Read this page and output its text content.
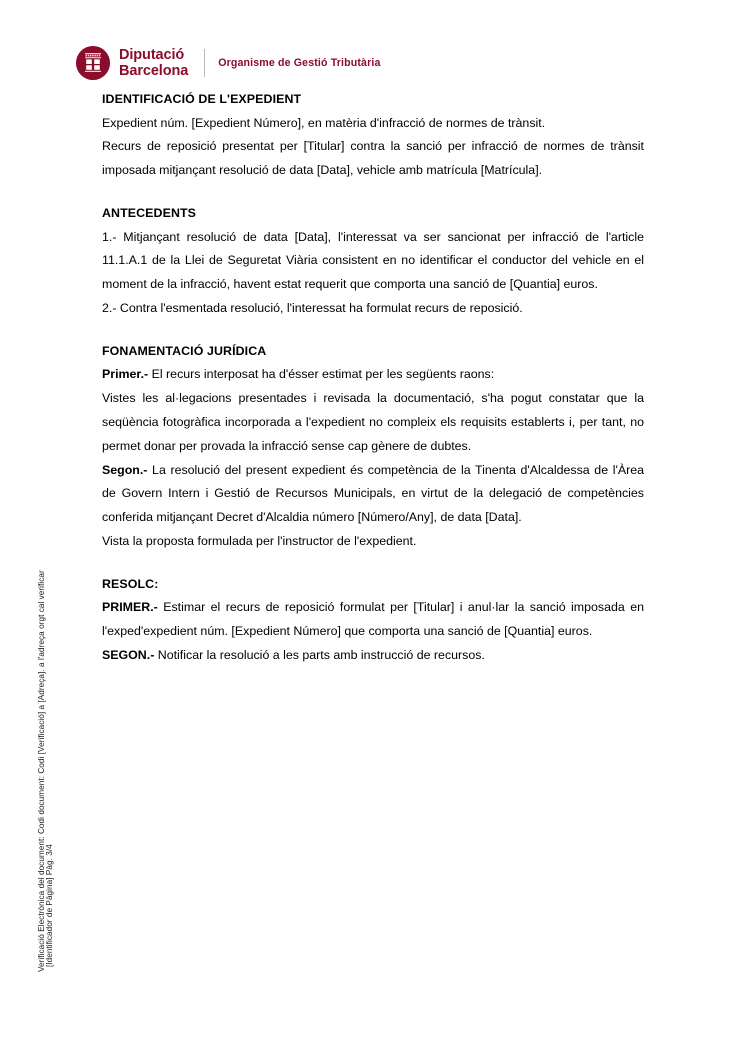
Verificació Electrònica del document: Codi document: Codi [Verificació] a [Adreça]. a l'adreça orgt cal verificar [Identificador de Pàgina] Pàg. 3/4
Diputació
Barcelona	Organisme de Gestió Tributària
IDENTIFICACIÓ DE L'EXPEDIENT

Expedient núm. [Expedient Número], en matèria d'infracció de normes de trànsit.

Recurs de reposició presentat per [Titular] contra la sanció per infracció de normes de trànsit imposada mitjançant resolució de data [Data], vehicle amb matrícula [Matrícula].

ANTECEDENTS

1.- Mitjançant resolució de data [Data], l'interessat va ser sancionat per infracció de l'article 11.1.A.1 de la Llei de Seguretat Viària consistent en no identificar el conductor del vehicle en el moment de la infracció, havent estat requerit que comporta una sanció de [Quantia] euros.

2.- Contra l'esmentada resolució, l'interessat ha formulat recurs de reposició.

FONAMENTACIÓ JURÍDICA

Primer.- El recurs interposat ha d'ésser estimat per les següents raons:

Vistes les al·legacions presentades i revisada la documentació, s'ha pogut constatar que la seqüència fotogràfica incorporada a l'expedient no compleix els requisits establerts i, per tant, no permet donar per provada la infracció sense cap gènere de dubtes.

Segon.- La resolució del present expedient és competència de la Tinenta d'Alcaldessa de l'Àrea de Govern Intern i Gestió de Recursos Municipals, en virtut de la delegació de competències conferida mitjançant Decret d'Alcaldia número [Número/Any], de data [Data].

Vista la proposta formulada per l'instructor de l'expedient.

RESOLC:

PRIMER.- Estimar el recurs de reposició formulat per [Titular] i anul·lar la sanció imposada en l'exped'expedient núm. [Expedient Número] que comporta una sanció de [Quantia] euros.

SEGON.- Notificar la resolució a les parts amb instrucció de recursos.
